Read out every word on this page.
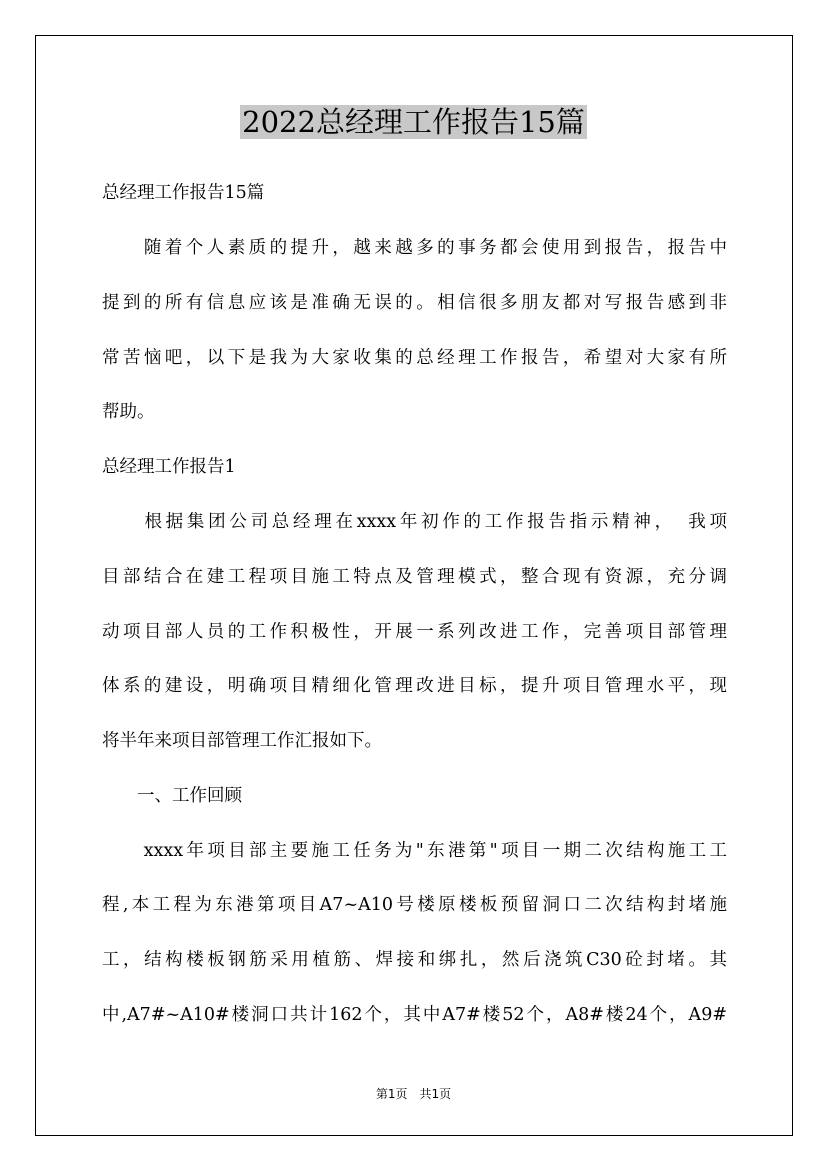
2022总经理工作报告15篇
总经理工作报告15篇
　　随着个人素质的提升，越来越多的事务都会使用到报告，报告中
提到的所有信息应该是准确无误的。相信很多朋友都对写报告感到非
常苦恼吧，以下是我为大家收集的总经理工作报告，希望对大家有所
帮助。
总经理工作报告1
　　根据集团公司总经理在xxxx年初作的工作报告指示精神，　我项
目部结合在建工程项目施工特点及管理模式，整合现有资源，充分调
动项目部人员的工作积极性，开展一系列改进工作，完善项目部管理
体系的建设，明确项目精细化管理改进目标，提升项目管理水平，现
将半年来项目部管理工作汇报如下。
　　一、工作回顾
　　xxxx年项目部主要施工任务为"东港第"项目一期二次结构施工工
程,本工程为东港第项目A7~A10号楼原楼板预留洞口二次结构封堵施
工，结构楼板钢筋采用植筋、焊接和绑扎，然后浇筑C30砼封堵。其
中,A7#~A10#楼洞口共计162个，其中A7#楼52个，A8#楼24个，A9#
第1页　共1页
